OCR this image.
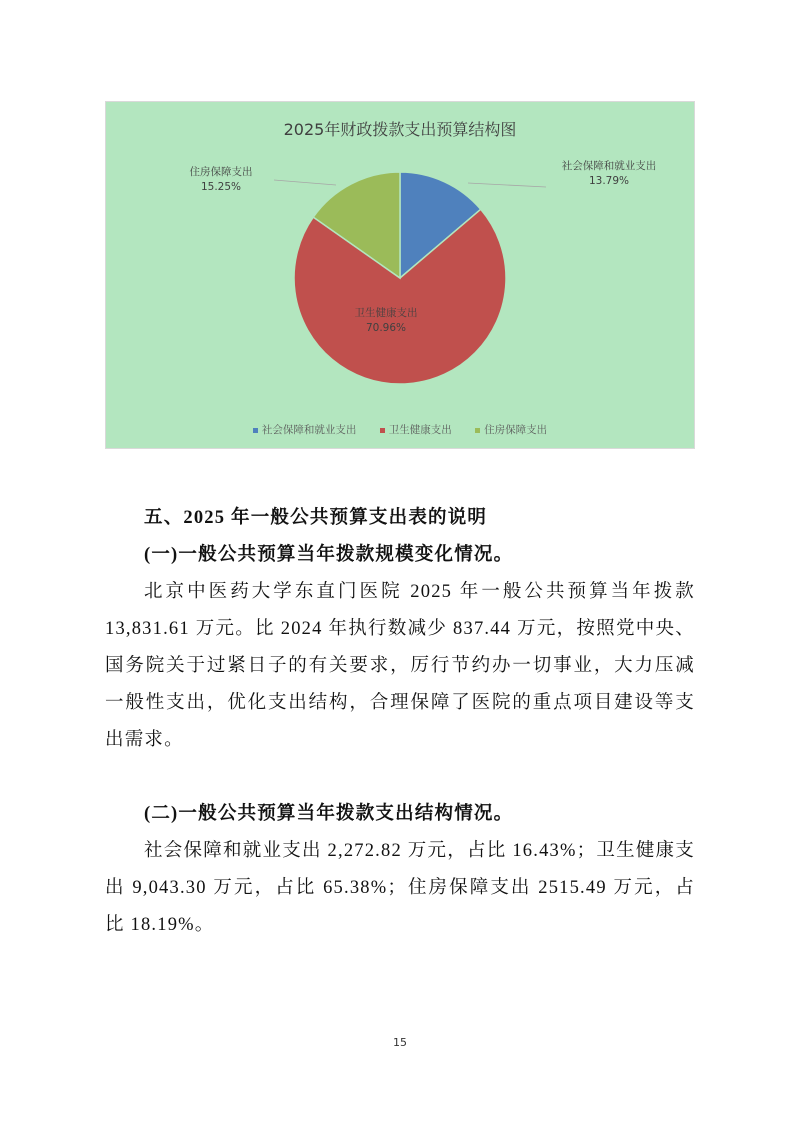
2025年财政拨款支出预算结构图
住房保障支出
15.25%
社会保障和就业支出
13.79%
卫生健康支出
70.96%
社会保障和就业支出	卫生健康支出	住房保障支出
五、2025 年一般公共预算支出表的说明
(一)一般公共预算当年拨款规模变化情况。
北京中医药大学东直门医院 2025 年一般公共预算当年拨款 13,831.61 万元。比 2024 年执行数减少 837.44 万元，按照党中央、国务院关于过紧日子的有关要求，厉行节约办一切事业，大力压减一般性支出，优化支出结构，合理保障了医院的重点项目建设等支出需求。
(二)一般公共预算当年拨款支出结构情况。
社会保障和就业支出 2,272.82 万元，占比 16.43%；卫生健康支出 9,043.30 万元，占比 65.38%；住房保障支出 2515.49 万元，占比 18.19%。
15
